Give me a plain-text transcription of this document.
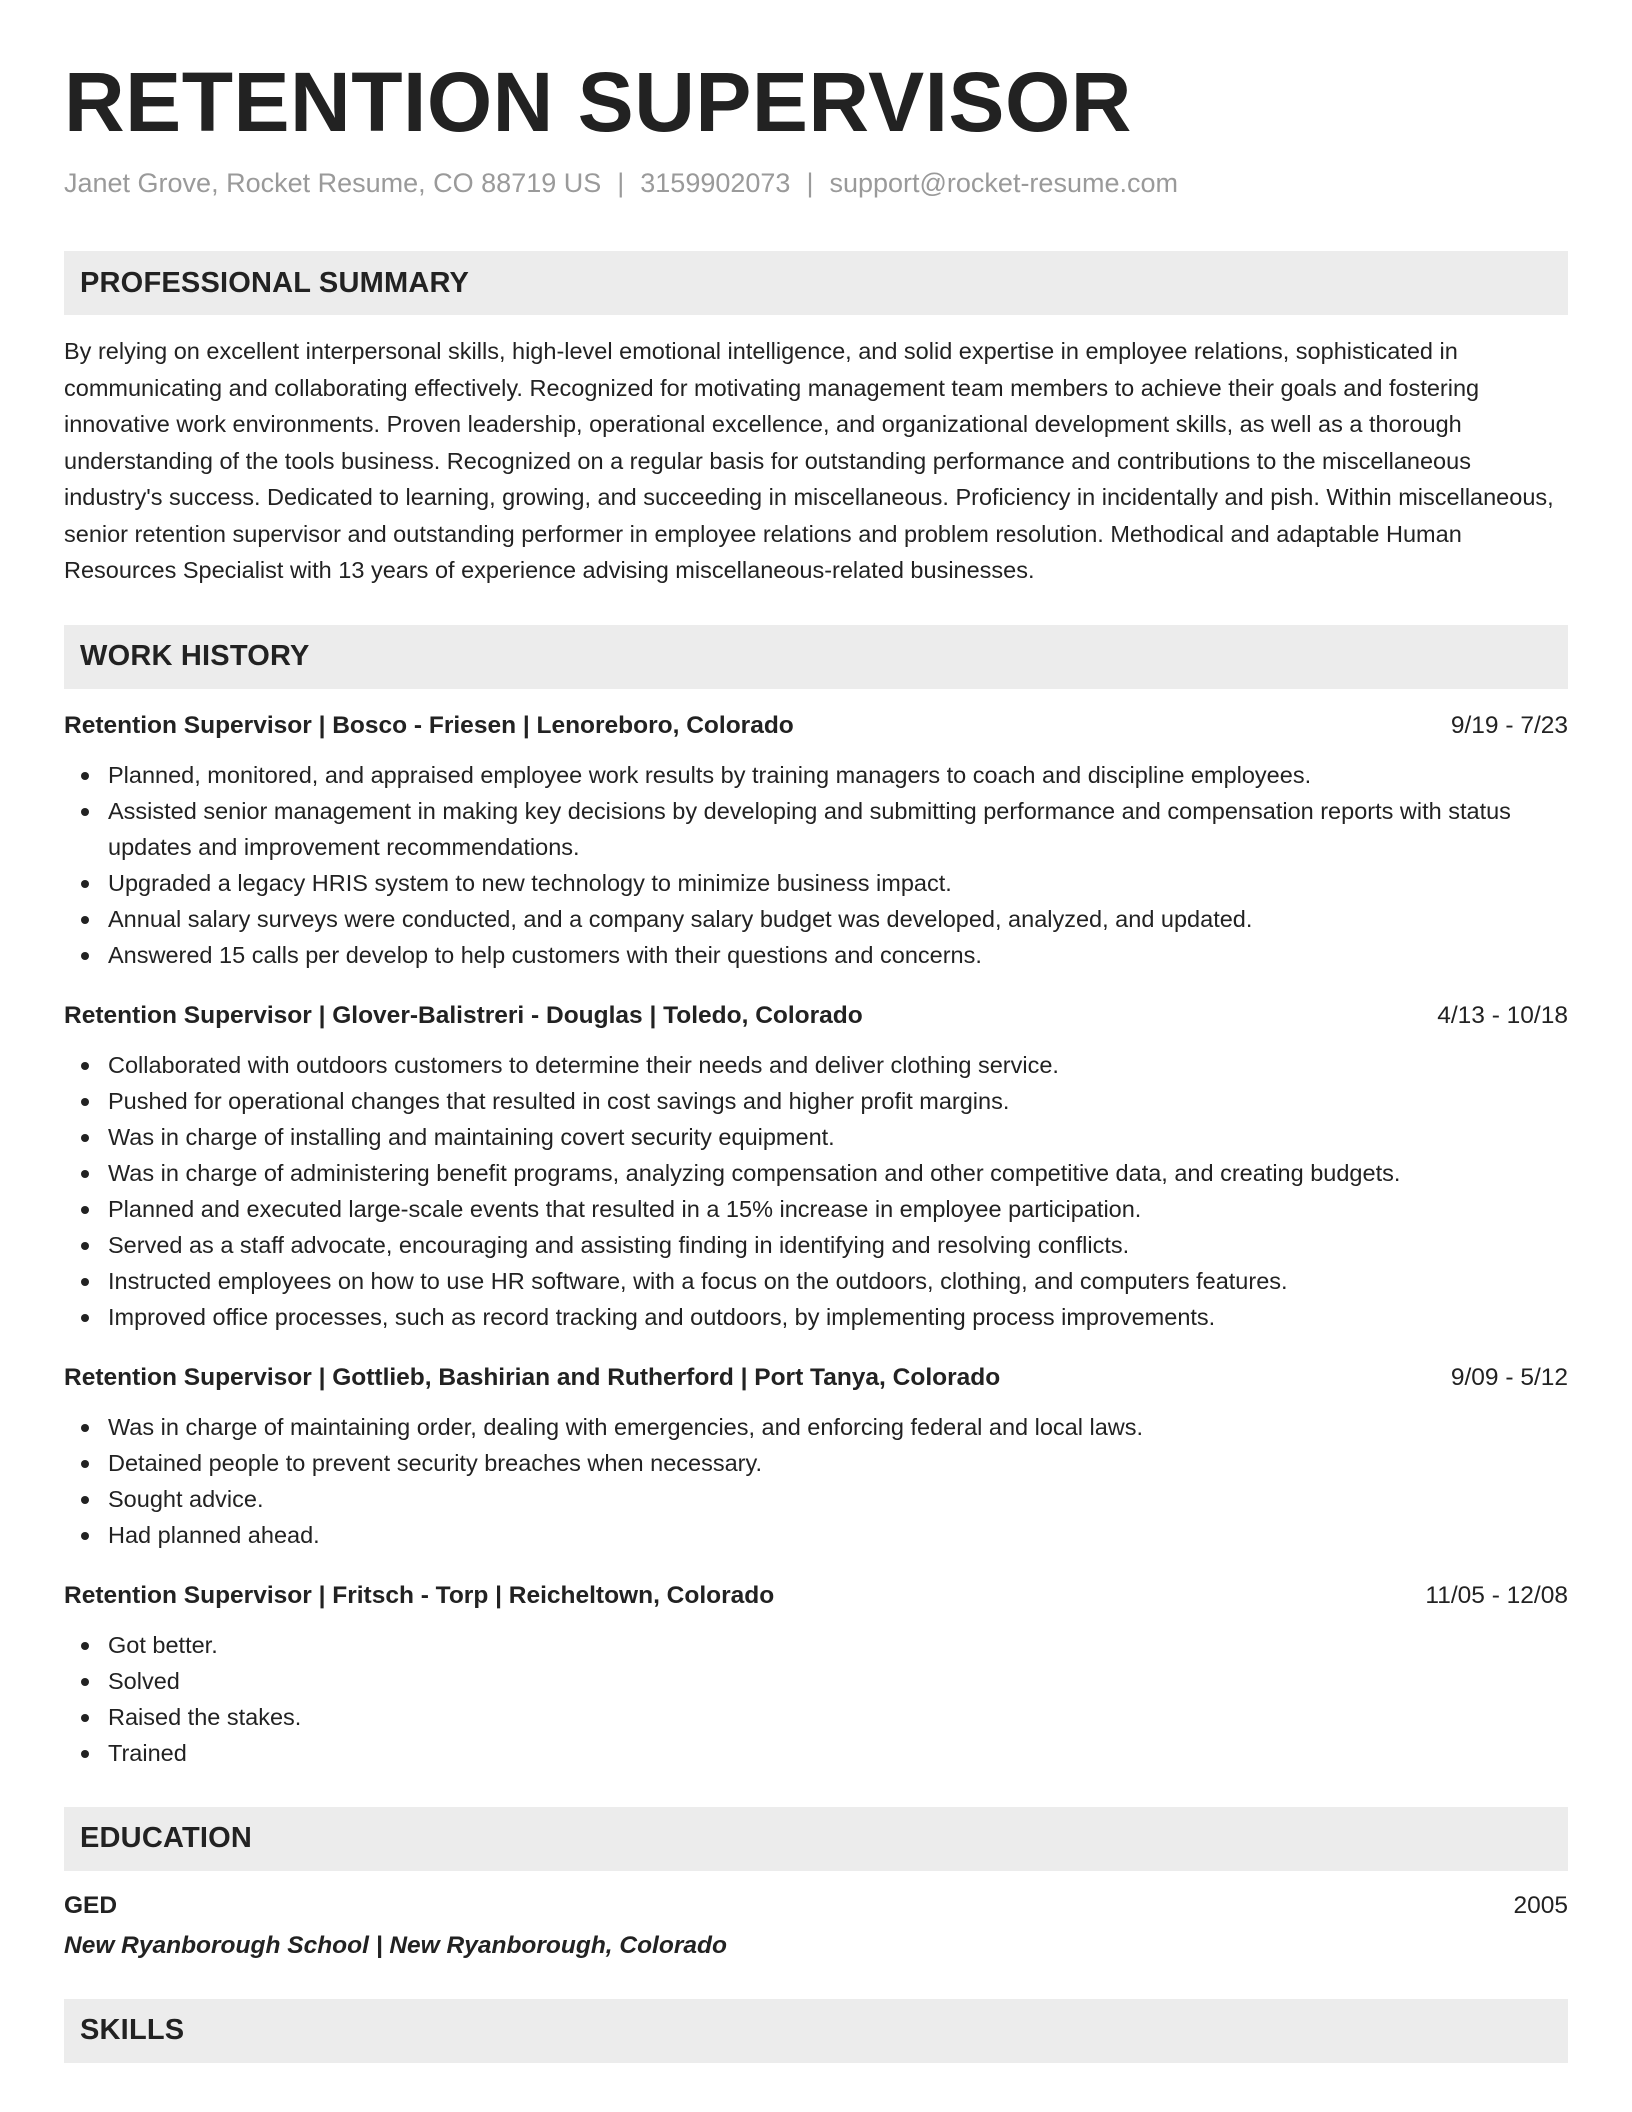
RETENTION SUPERVISOR
Janet Grove, Rocket Resume, CO 88719 US | 3159902073 | support@rocket-resume.com
PROFESSIONAL SUMMARY
By relying on excellent interpersonal skills, high-level emotional intelligence, and solid expertise in employee relations, sophisticated in communicating and collaborating effectively. Recognized for motivating management team members to achieve their goals and fostering innovative work environments. Proven leadership, operational excellence, and organizational development skills, as well as a thorough understanding of the tools business. Recognized on a regular basis for outstanding performance and contributions to the miscellaneous industry's success. Dedicated to learning, growing, and succeeding in miscellaneous. Proficiency in incidentally and pish. Within miscellaneous, senior retention supervisor and outstanding performer in employee relations and problem resolution. Methodical and adaptable Human Resources Specialist with 13 years of experience advising miscellaneous-related businesses.
WORK HISTORY
Retention Supervisor | Bosco - Friesen | Lenoreboro, Colorado	9/19 - 7/23
Planned, monitored, and appraised employee work results by training managers to coach and discipline employees.
Assisted senior management in making key decisions by developing and submitting performance and compensation reports with status updates and improvement recommendations.
Upgraded a legacy HRIS system to new technology to minimize business impact.
Annual salary surveys were conducted, and a company salary budget was developed, analyzed, and updated.
Answered 15 calls per develop to help customers with their questions and concerns.
Retention Supervisor | Glover-Balistreri - Douglas | Toledo, Colorado	4/13 - 10/18
Collaborated with outdoors customers to determine their needs and deliver clothing service.
Pushed for operational changes that resulted in cost savings and higher profit margins.
Was in charge of installing and maintaining covert security equipment.
Was in charge of administering benefit programs, analyzing compensation and other competitive data, and creating budgets.
Planned and executed large-scale events that resulted in a 15% increase in employee participation.
Served as a staff advocate, encouraging and assisting finding in identifying and resolving conflicts.
Instructed employees on how to use HR software, with a focus on the outdoors, clothing, and computers features.
Improved office processes, such as record tracking and outdoors, by implementing process improvements.
Retention Supervisor | Gottlieb, Bashirian and Rutherford | Port Tanya, Colorado	9/09 - 5/12
Was in charge of maintaining order, dealing with emergencies, and enforcing federal and local laws.
Detained people to prevent security breaches when necessary.
Sought advice.
Had planned ahead.
Retention Supervisor | Fritsch - Torp | Reicheltown, Colorado	11/05 - 12/08
Got better.
Solved
Raised the stakes.
Trained
EDUCATION
GED	2005
New Ryanborough School | New Ryanborough, Colorado
SKILLS
